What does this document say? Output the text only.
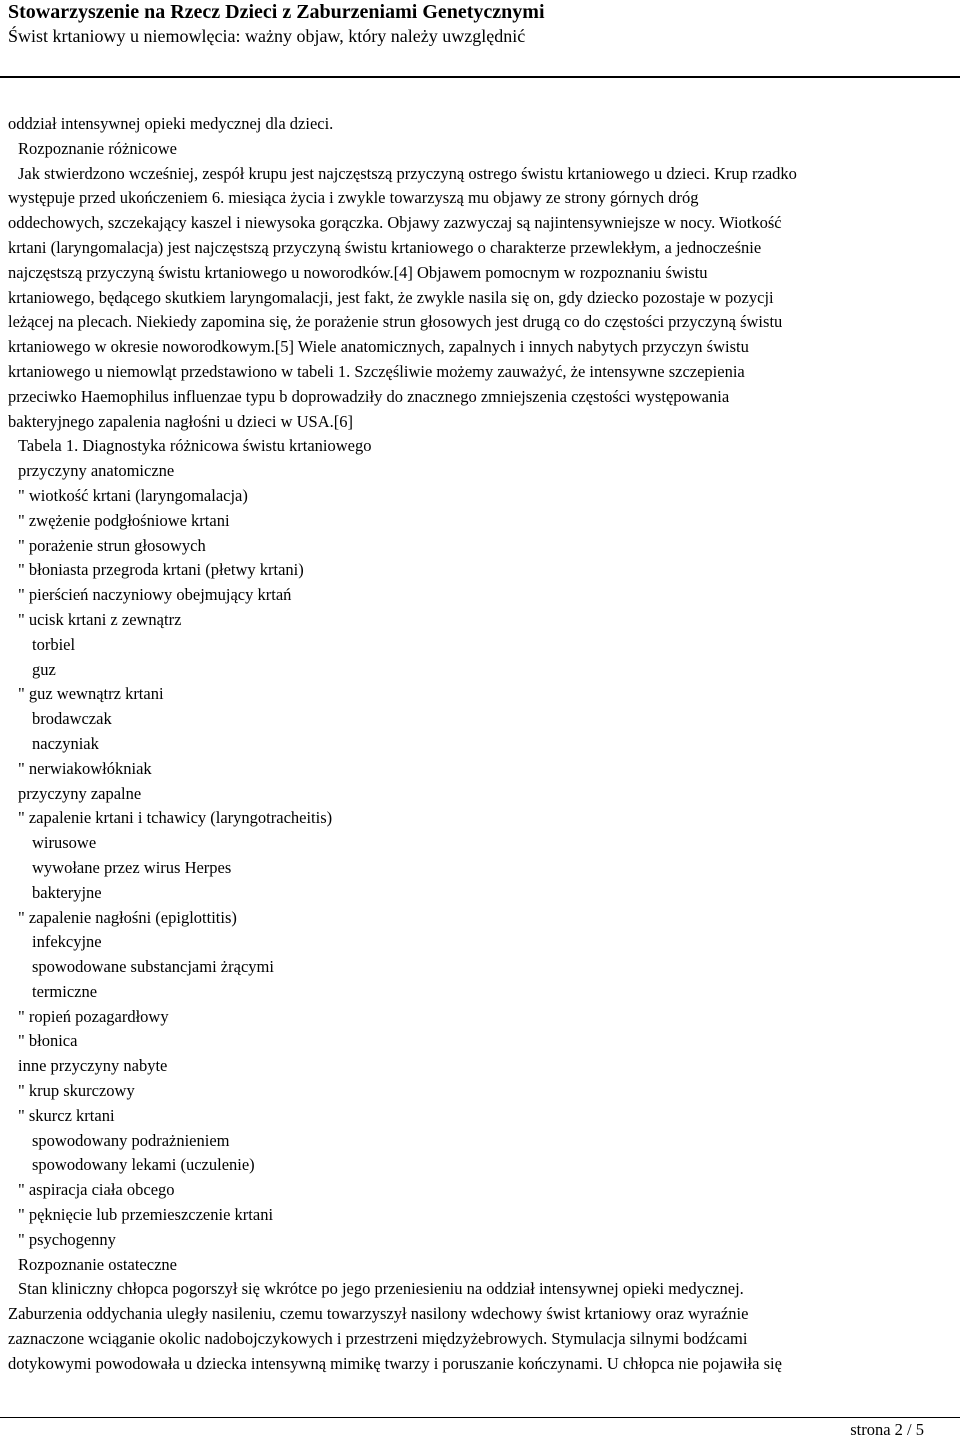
Stowarzyszenie na Rzecz Dzieci z Zaburzeniami Genetycznymi
Świst krtaniowy u niemowlęcia: ważny objaw, który należy uwzględnić
oddział intensywnej opieki medycznej dla dzieci.
Rozpoznanie różnicowe
Jak stwierdzono wcześniej, zespół krupu jest najczęstszą przyczyną ostrego świstu krtaniowego u dzieci. Krup rzadko
występuje przed ukończeniem 6. miesiąca życia i zwykle towarzyszą mu objawy ze strony górnych dróg
oddechowych, szczekający kaszel i niewysoka gorączka. Objawy zazwyczaj są najintensywniejsze w nocy. Wiotkość
krtani (laryngomalacja) jest najczęstszą przyczyną świstu krtaniowego o charakterze przewlekłym, a jednocześnie
najczęstszą przyczyną świstu krtaniowego u noworodków.[4] Objawem pomocnym w rozpoznaniu świstu
krtaniowego, będącego skutkiem laryngomalacji, jest fakt, że zwykle nasila się on, gdy dziecko pozostaje w pozycji
leżącej na plecach. Niekiedy zapomina się, że porażenie strun głosowych jest drugą co do częstości przyczyną świstu
krtaniowego w okresie noworodkowym.[5] Wiele anatomicznych, zapalnych i innych nabytych przyczyn świstu
krtaniowego u niemowląt przedstawiono w tabeli 1. Szczęśliwie możemy zauważyć, że intensywne szczepienia
przeciwko Haemophilus influenzae typu b doprowadziły do znacznego zmniejszenia częstości występowania
bakteryjnego zapalenia nagłośni u dzieci w USA.[6]
Tabela 1. Diagnostyka różnicowa świstu krtaniowego
przyczyny anatomiczne
" wiotkość krtani (laryngomalacja)
" zwężenie podgłośniowe krtani
" porażenie strun głosowych
" błoniasta przegroda krtani (płetwy krtani)
" pierścień naczyniowy obejmujący krtań
" ucisk krtani z zewnątrz
torbiel
guz
" guz wewnątrz krtani
brodawczak
naczyniak
" nerwiakowłókniak
przyczyny zapalne
" zapalenie krtani i tchawicy (laryngotracheitis)
wirusowe
wywołane przez wirus Herpes
bakteryjne
" zapalenie nagłośni (epiglottitis)
infekcyjne
spowodowane substancjami żrącymi
termiczne
" ropień pozagardłowy
" błonica
inne przyczyny nabyte
" krup skurczowy
" skurcz krtani
spowodowany podrażnieniem
spowodowany lekami (uczulenie)
" aspiracja ciała obcego
" pęknięcie lub przemieszczenie krtani
" psychogenny
Rozpoznanie ostateczne
Stan kliniczny chłopca pogorszył się wkrótce po jego przeniesieniu na oddział intensywnej opieki medycznej.
Zaburzenia oddychania uległy nasileniu, czemu towarzyszył nasilony wdechowy świst krtaniowy oraz wyraźnie
zaznaczone wciąganie okolic nadobojczykowych i przestrzeni międzyżebrowych. Stymulacja silnymi bodźcami
dotykowymi powodowała u dziecka intensywną mimikę twarzy i poruszanie kończynami. U chłopca nie pojawiła się
strona 2 / 5
